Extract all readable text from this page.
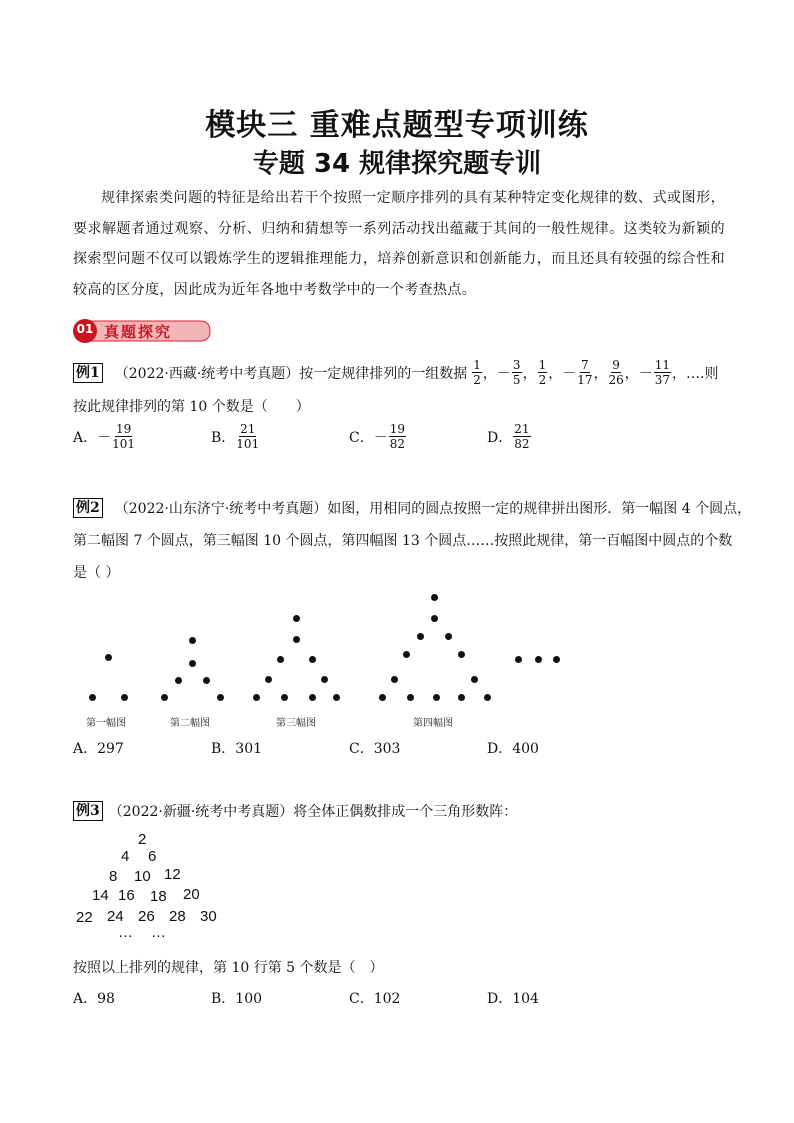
模块三 重难点题型专项训练
专题 34 规律探究题专训
规律探索类问题的特征是给出若干个按照一定顺序排列的具有某种特定变化规律的数、式或图形，要求解题者通过观察、分析、归纳和猜想等一系列活动找出蕴藏于其间的一般性规律。这类较为新颖的探索型问题不仅可以锻炼学生的逻辑推理能力，培养创新意识和创新能力，而且还具有较强的综合性和较高的区分度，因此成为近年各地中考数学中的一个考查热点。
01 真题探究
例1 （2022·西藏·统考中考真题）按一定规律排列的一组数据 $\frac{1}{2}$ ， － $\frac{3}{5}$ ， $\frac{1}{2}$ ， － $\frac{7}{17}$ ， $\frac{9}{26}$ ， － $\frac{11}{37}$ ，….则
按此规律排列的第 10 个数是（　　）
A． － $\frac{19}{101}$	B． $\frac{21}{101}$	C． － $\frac{19}{82}$	D． $\frac{21}{82}$
例2 （2022·山东济宁·统考中考真题）如图，用相同的圆点按照一定的规律拼出图形．第一幅图 4 个圆点，
第二幅图 7 个圆点，第三幅图 10 个圆点，第四幅图 13 个圆点……按照此规律，第一百幅图中圆点的个数
是（ ）
第一幅图	第二幅图	第三幅图	第四幅图
A．297	B．301	C．303	D．400
例3 （2022·新疆·统考中考真题）将全体正偶数排成一个三角形数阵：
2
4 6
8 10 12
14 16 18 20
22 24 26 28 30
… …
按照以上排列的规律，第 10 行第 5 个数是（　）
A．98	B．100	C．102	D．104
